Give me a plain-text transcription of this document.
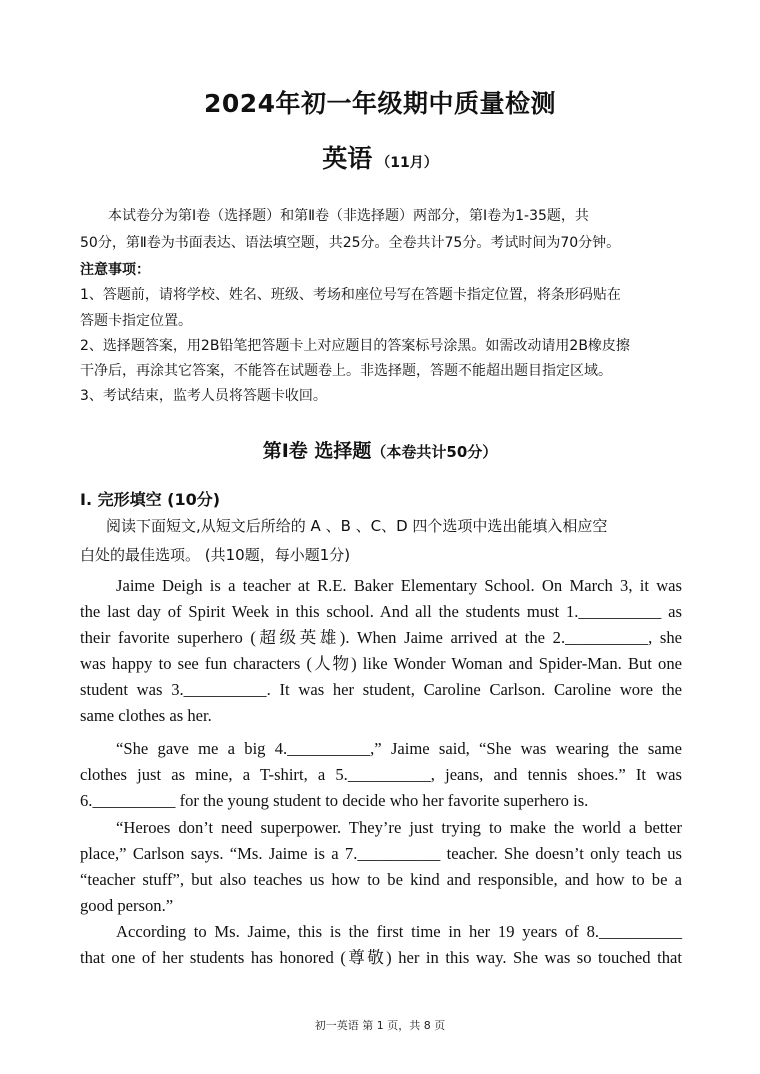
2024年初一年级期中质量检测
英语 （11月）
本试卷分为第Ⅰ卷（选择题）和第Ⅱ卷（非选择题）两部分，第Ⅰ卷为1-35题，共
50分，第Ⅱ卷为书面表达、语法填空题，共25分。全卷共计75分。考试时间为70分钟。
注意事项：
1、答题前，请将学校、姓名、班级、考场和座位号写在答题卡指定位置，将条形码贴在
答题卡指定位置。
2、选择题答案，用2B铅笔把答题卡上对应题目的答案标号涂黑。如需改动请用2B橡皮擦
干净后，再涂其它答案，不能答在试题卷上。非选择题，答题不能超出题目指定区域。
3、考试结束，监考人员将答题卡收回。
第Ⅰ卷 选择题（本卷共计50分）
I. 完形填空 (10分)
阅读下面短文,从短文后所给的 A 、B 、C、D 四个选项中选出能填入相应空
白处的最佳选项。 (共10题，每小题1分)
Jaime Deigh is a teacher at R.E. Baker Elementary School. On March 3, it was
the last day of Spirit Week in this school. And all the students must 1.__________ as
their favorite superhero (超级英雄). When Jaime arrived at the 2.__________, she
was happy to see fun characters (人物) like Wonder Woman and Spider-Man. But one
student was 3.__________. It was her student, Caroline Carlson. Caroline wore the
same clothes as her.
“She gave me a big 4.__________,” Jaime said, “She was wearing the same
clothes just as mine, a T-shirt, a 5.__________, jeans, and tennis shoes.” It was
6.__________ for the young student to decide who her favorite superhero is.
“Heroes don’t need superpower. They’re just trying to make the world a better
place,” Carlson says. “Ms. Jaime is a 7.__________ teacher. She doesn’t only teach us
“teacher stuff”, but also teaches us how to be kind and responsible, and how to be a
good person.”
According to Ms. Jaime, this is the first time in her 19 years of 8.__________
that one of her students has honored (尊敬) her in this way. She was so touched that
初一英语 第 1 页，共 8 页
